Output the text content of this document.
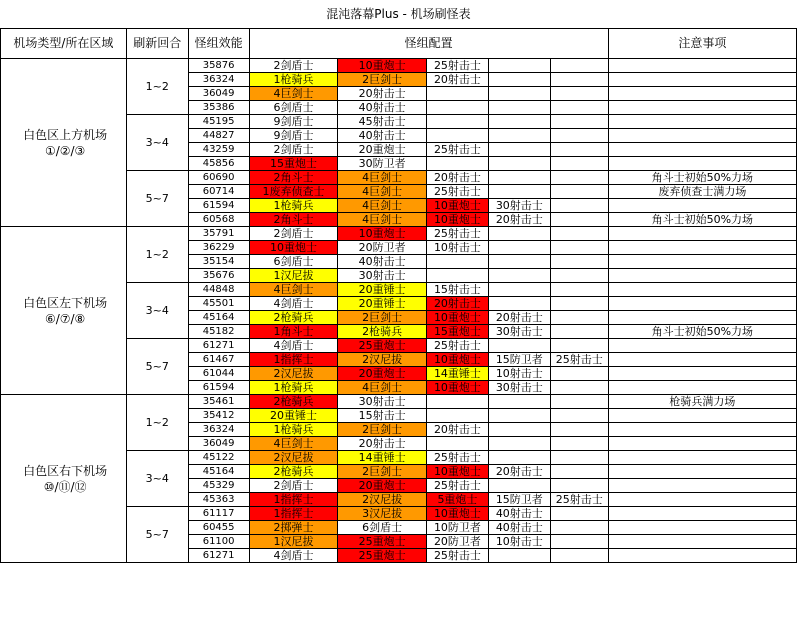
混沌落幕Plus - 机场刷怪表									
机场类型/所在区域		刷新回合	怪组效能	怪组配置					注意事项

	白色区上方机场
①/②/③	1~2	35876	2剑盾士	10重炮士	25射击士			
			36324	1枪骑兵	2巨剑士	20射击士			
			36049	4巨剑士	20射击士				
			35386	6剑盾士	40射击士				
		3~4	45195	9剑盾士	45射击士				
			44827	9剑盾士	40射击士				
			43259	2剑盾士	20重炮士	25射击士			
			45856	15重炮士	30防卫者				
		5~7	60690	2角斗士	4巨剑士	20射击士			角斗士初始50%力场
			60714	1废弃侦查士	4巨剑士	25射击士			废弃侦查士满力场
			61594	1枪骑兵	4巨剑士	10重炮士	30射击士		
			60568	2角斗士	4巨剑士	10重炮士	20射击士		角斗士初始50%力场

	白色区左下机场
⑥/⑦/⑧	1~2	35791	2剑盾士	10重炮士	25射击士			
			36229	10重炮士	20防卫者	10射击士			
			35154	6剑盾士	40射击士				
			35676	1汉尼拔	30射击士				
		3~4	44848	4巨剑士	20重锤士	15射击士			
			45501	4剑盾士	20重锤士	20射击士			
			45164	2枪骑兵	2巨剑士	10重炮士	20射击士		
			45182	1角斗士	2枪骑兵	15重炮士	30射击士		角斗士初始50%力场
		5~7	61271	4剑盾士	25重炮士	25射击士			
			61467	1指挥士	2汉尼拔	10重炮士	15防卫者	25射击士	
			61044	2汉尼拔	20重炮士	14重锤士	10射击士		
			61594	1枪骑兵	4巨剑士	10重炮士	30射击士		

	白色区右下机场
⑩/⑪/⑫	1~2	35461	2枪骑兵	30射击士				枪骑兵满力场
			35412	20重锤士	15射击士				
			36324	1枪骑兵	2巨剑士	20射击士			
			36049	4巨剑士	20射击士				
		3~4	45122	2汉尼拔	14重锤士	25射击士			
			45164	2枪骑兵	2巨剑士	10重炮士	20射击士		
			45329	2剑盾士	20重炮士	25射击士			
			45363	1指挥士	2汉尼拔	5重炮士	15防卫者	25射击士	
		5~7	61117	1指挥士	3汉尼拔	10重炮士	40射击士		
			60455	2掷弹士	6剑盾士	10防卫者	40射击士		
			61100	1汉尼拔	25重炮士	20防卫者	10射击士		
			61271	4剑盾士	25重炮士	25射击士			
